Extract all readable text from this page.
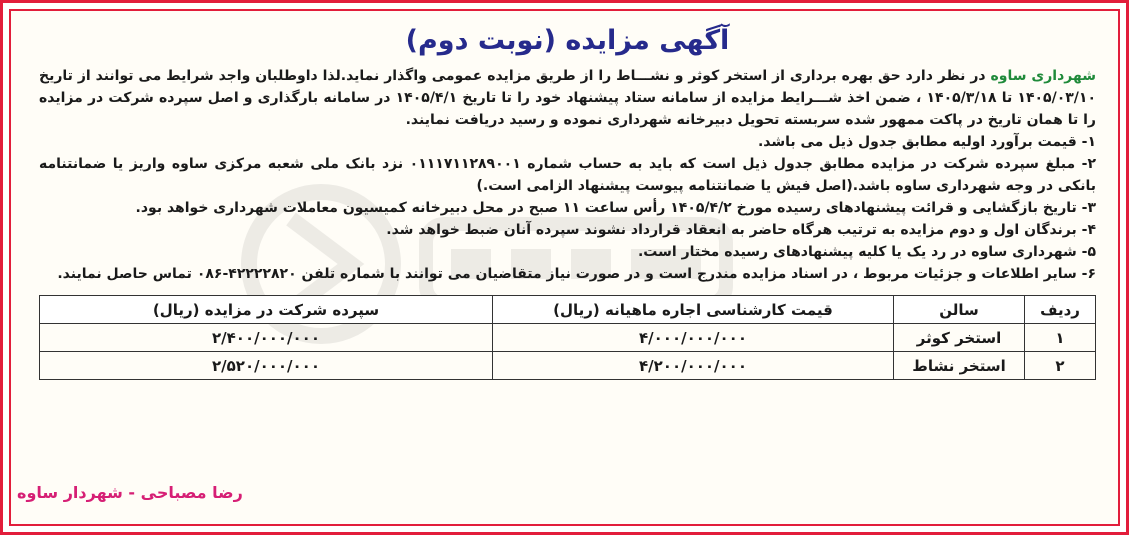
آگهی مزایده (نوبت دوم)

شهرداری ساوه در نظر دارد حق بهره برداری از استخر کوثر و نشـــاط را از طریق مزایده عمومی واگذار نماید.لذا داوطلبان واجد شرایط می توانند از تاریخ ۱۴۰۵/۰۳/۱۰ تا ۱۴۰۵/۳/۱۸ ، ضمن اخذ شـــرایط مزایده از سامانه ستاد پیشنهاد خود را تا تاریخ ۱۴۰۵/۴/۱ در سامانه بارگذاری و اصل سپرده شرکت در مزایده را تا همان تاریخ در پاکت ممهور شده سربسته تحویل دبیرخانه شهرداری نموده و رسید دریافت نمایند.

۱- قیمت برآورد اولیه مطابق جدول ذیل می باشد.

۲- مبلغ سپرده شرکت در مزایده مطابق جدول ذیل است که باید به حساب شماره ۰۱۱۱۷۱۱۲۸۹۰۰۱ نزد بانک ملی شعبه مرکزی ساوه واریز یا ضمانتنامه بانکی در وجه شهرداری ساوه باشد.(اصل فیش یا ضمانتنامه پیوست پیشنهاد الزامی است.)

۳- تاریخ بازگشایی و قرائت پیشنهادهای رسیده مورخ ۱۴۰۵/۴/۲ رأس ساعت ۱۱ صبح در محل دبیرخانه کمیسیون معاملات شهرداری خواهد بود.

۴- برندگان اول و دوم مزایده به ترتیب هرگاه حاضر به انعقاد قرارداد نشوند سپرده آنان ضبط خواهد شد.

۵- شهرداری ساوه در رد یک یا کلیه پیشنهادهای رسیده مختار است.

۶- سایر اطلاعات و جزئیات مربوط ، در اسناد مزایده مندرج است و در صورت نیاز متقاضیان می توانند با شماره تلفن ۴۲۲۲۲۸۲۰-۰۸۶ تماس حاصل نمایند.

ردیف	سالن	قیمت کارشناسی اجاره ماهیانه (ریال)	سپرده شرکت در مزایده (ریال)
۱	استخر کوثر	۴/۰۰۰/۰۰۰/۰۰۰	۲/۴۰۰/۰۰۰/۰۰۰
۲	استخر نشاط	۴/۲۰۰/۰۰۰/۰۰۰	۲/۵۲۰/۰۰۰/۰۰۰
رضا مصباحی - شهردار ساوه
